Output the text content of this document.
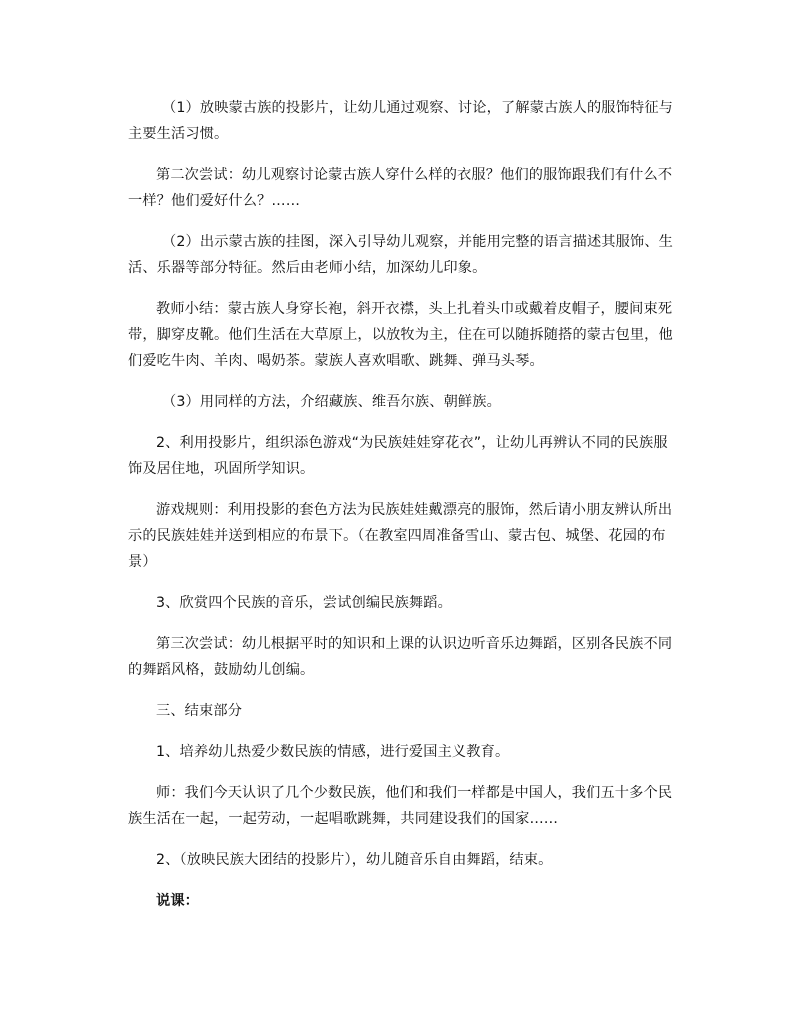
（1）放映蒙古族的投影片，让幼儿通过观察、讨论，了解蒙古族人的服饰特征与主要生活习惯。

第二次尝试：幼儿观察讨论蒙古族人穿什么样的衣服？他们的服饰跟我们有什么不一样？他们爱好什么？……

（2）出示蒙古族的挂图，深入引导幼儿观察，并能用完整的语言描述其服饰、生活、乐器等部分特征。然后由老师小结，加深幼儿印象。

教师小结：蒙古族人身穿长袍，斜开衣襟，头上扎着头巾或戴着皮帽子，腰间束死带，脚穿皮靴。他们生活在大草原上，以放牧为主，住在可以随拆随搭的蒙古包里，他们爱吃牛肉、羊肉、喝奶茶。蒙族人喜欢唱歌、跳舞、弹马头琴。

（3）用同样的方法，介绍藏族、维吾尔族、朝鲜族。

2、利用投影片，组织添色游戏“为民族娃娃穿花衣”，让幼儿再辨认不同的民族服饰及居住地，巩固所学知识。

游戏规则：利用投影的套色方法为民族娃娃戴漂亮的服饰，然后请小朋友辨认所出示的民族娃娃并送到相应的布景下。（在教室四周准备雪山、蒙古包、城堡、花园的布景）

3、欣赏四个民族的音乐，尝试创编民族舞蹈。

第三次尝试：幼儿根据平时的知识和上课的认识边听音乐边舞蹈，区别各民族不同的舞蹈风格，鼓励幼儿创编。

三、结束部分

1、培养幼儿热爱少数民族的情感，进行爱国主义教育。

师：我们今天认识了几个少数民族，他们和我们一样都是中国人，我们五十多个民族生活在一起，一起劳动，一起唱歌跳舞，共同建设我们的国家……

2、（放映民族大团结的投影片），幼儿随音乐自由舞蹈，结束。

说课：
